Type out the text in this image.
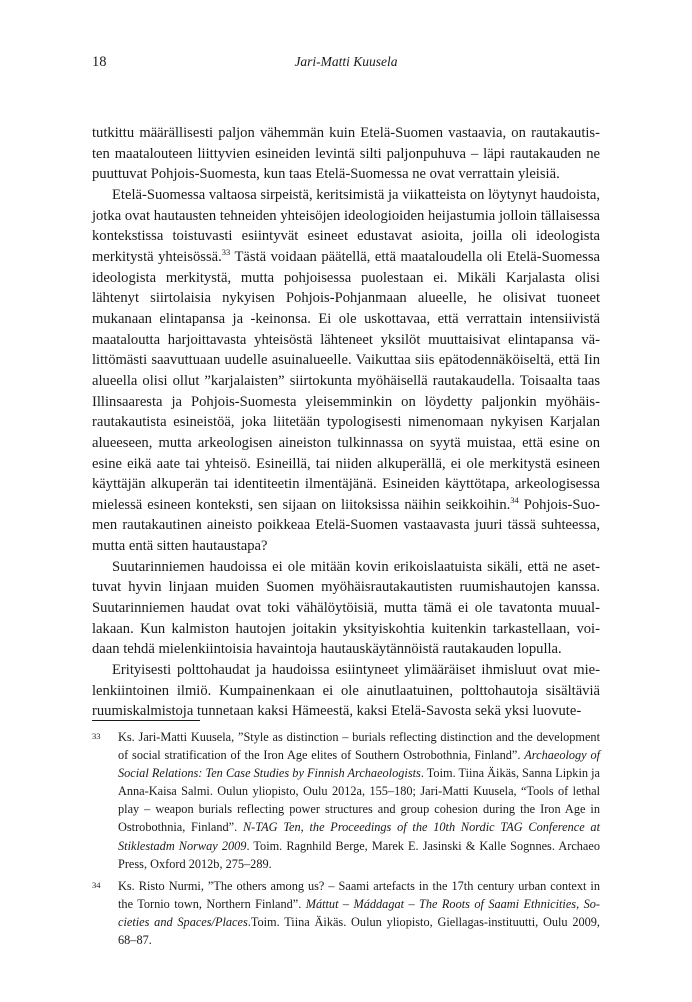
18	Jari-Matti Kuusela

tutkittu määrällisesti paljon vähemmän kuin Etelä-Suomen vastaavia, on rautakautisten maatalouteen liittyvien esineiden levintä silti paljonpuhuva – läpi rautakauden ne puuttuvat Pohjois-Suomesta, kun taas Etelä-Suomessa ne ovat verrattain yleisiä.

Etelä-Suomessa valtaosa sirpeistä, keritsimistä ja viikatteista on löytynyt haudoista, jotka ovat hautausten tehneiden yhteisöjen ideologioiden heijastumia jolloin tällaisessa kontekstissa toistuvasti esiintyvät esineet edustavat asioita, joilla oli ideologista merkitystä yhteisössä.$^{33}$ Tästä voidaan päätellä, että maataloudella oli Etelä-Suomessa ideologista merkitystä, mutta pohjoisessa puolestaan ei. Mikäli Karjalasta olisi lähtenyt siirtolaisia nykyisen Pohjois-Pohjanmaan alueelle, he olisivat tuoneet mukanaan elintapansa ja -keinonsa. Ei ole uskottavaa, että verrattain intensiivistä maataloutta harjoittavasta yhteisöstä lähteneet yksilöt muuttaisivat elintapansa välittömästi saavuttuaan uudelle asuinalueelle. Vaikuttaa siis epätodennäköiseltä, että Iin alueella olisi ollut ”karjalaisten” siirtokunta myöhäisellä rautakaudella. Toisaalta taas Illinsaaresta ja Pohjois-Suomesta yleisemminkin on löydetty paljonkin myöhäisrautakautista esineistöä, joka liitetään typologisesti nimenomaan nykyisen Karjalan alueeseen, mutta arkeologisen aineiston tulkinnassa on syytä muistaa, että esine on esine eikä aate tai yhteisö. Esineillä, tai niiden alkuperällä, ei ole merkitystä esineen käyttäjän alkuperän tai identiteetin ilmentäjänä. Esineiden käyttötapa, arkeologisessa mielessä esineen konteksti, sen sijaan on liitoksissa näihin seikkoihin.$^{34}$ Pohjois-Suomen rautakautinen aineisto poikkeaa Etelä-Suomen vastaavasta juuri tässä suhteessa, mutta entä sitten hautaustapa?

Suutarinniemen haudoissa ei ole mitään kovin erikoislaatuista sikäli, että ne asettuvat hyvin linjaan muiden Suomen myöhäisrautakautisten ruumishautojen kanssa. Suutarinniemen haudat ovat toki vähälöytöisiä, mutta tämä ei ole tavatonta muuallakaan. Kun kalmiston hautojen joitakin yksityiskohtia kuitenkin tarkastellaan, voidaan tehdä mielenkiintoisia havaintoja hautauskäytännöistä rautakauden lopulla.

Erityisesti polttohaudat ja haudoissa esiintyneet ylimääräiset ihmisluut ovat mielenkiintoinen ilmiö. Kumpainenkaan ei ole ainutlaatuinen, polttohautoja sisältäviä ruumiskalmistoja tunnetaan kaksi Hämeestä, kaksi Etelä-Savosta sekä yksi luovute-

33 Ks. Jari-Matti Kuusela, ”Style as distinction – burials reflecting distinction and the development of social stratification of the Iron Age elites of Southern Ostrobothnia, Finland”. Archaeology of Social Relations: Ten Case Studies by Finnish Archaeologists. Toim. Tiina Äikäs, Sanna Lipkin ja Anna-Kaisa Salmi. Oulun yliopisto, Oulu 2012a, 155–180; Jari-Matti Kuusela, “Tools of lethal play – weapon burials reflecting power structures and group cohesion during the Iron Age in Ostrobothnia, Finland”. N-TAG Ten, the Proceedings of the 10th Nordic TAG Conference at Stiklestadm Norway 2009. Toim. Ragnhild Berge, Marek E. Jasinski & Kalle Sognnes. Archaeo Press, Oxford 2012b, 275–289.
34 Ks. Risto Nurmi, ”The others among us? – Saami artefacts in the 17th century urban context in the Tornio town, Northern Finland”. Máttut – Máddagat – The Roots of Saami Ethnicities, Societies and Spaces/Places.Toim. Tiina Äikäs. Oulun yliopisto, Giellagas-instituutti, Oulu 2009, 68–87.
